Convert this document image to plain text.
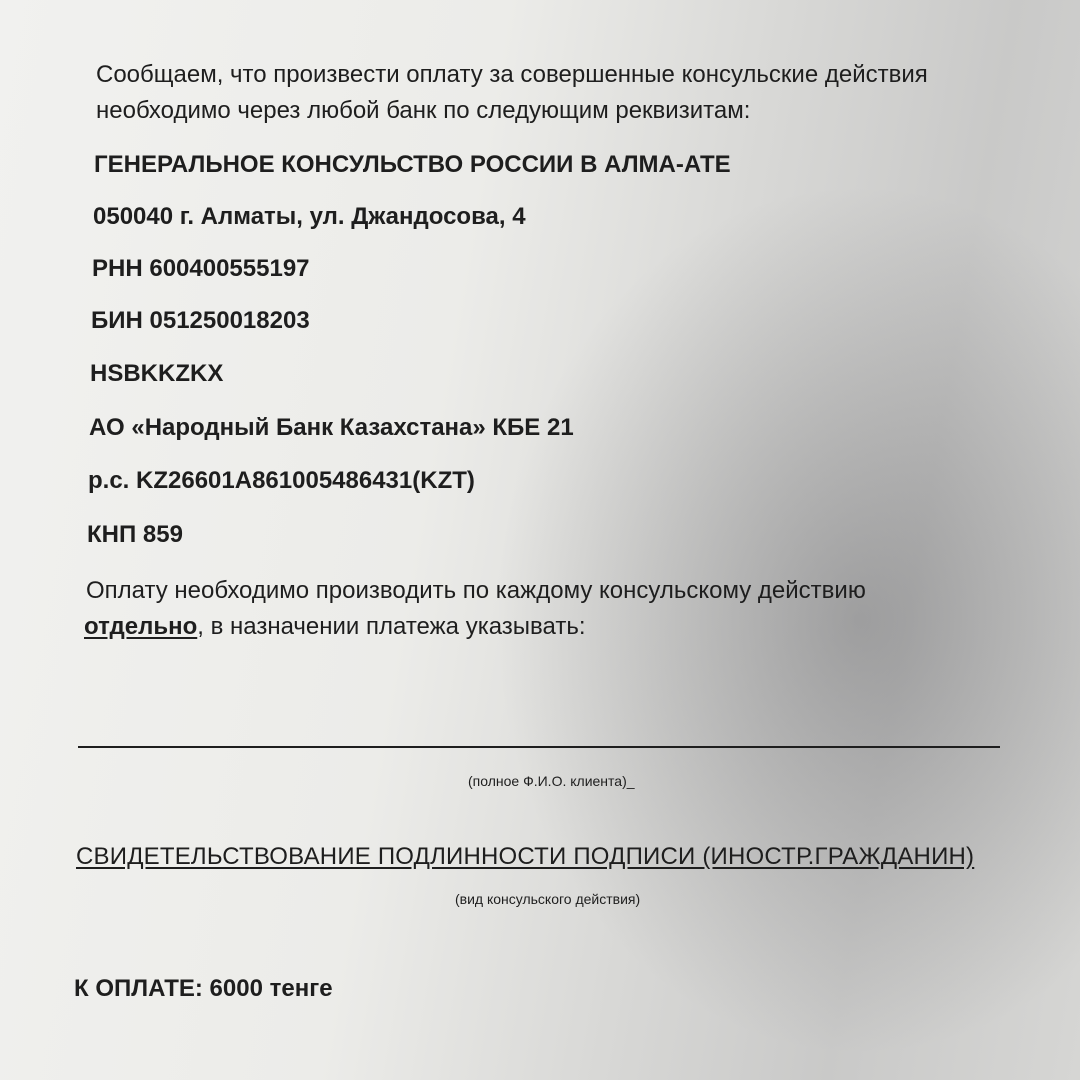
Сообщаем, что произвести оплату за совершенные консульские действия
необходимо через любой банк по следующим реквизитам:
ГЕНЕРАЛЬНОЕ КОНСУЛЬСТВО РОССИИ В АЛМА-АТЕ
050040 г. Алматы, ул. Джандосова, 4
РНН 600400555197
БИН 051250018203
HSBKKZKX
АО «Народный Банк Казахстана» КБЕ 21
р.с. KZ26601A861005486431(KZT)
КНП 859
Оплату необходимо производить по каждому консульскому действию
отдельно, в назначении платежа указывать:
(полное Ф.И.О. клиента)_
СВИДЕТЕЛЬСТВОВАНИЕ ПОДЛИННОСТИ ПОДПИСИ (ИНОСТР.ГРАЖДАНИН)
(вид консульского действия)
К ОПЛАТЕ: 6000 тенге
